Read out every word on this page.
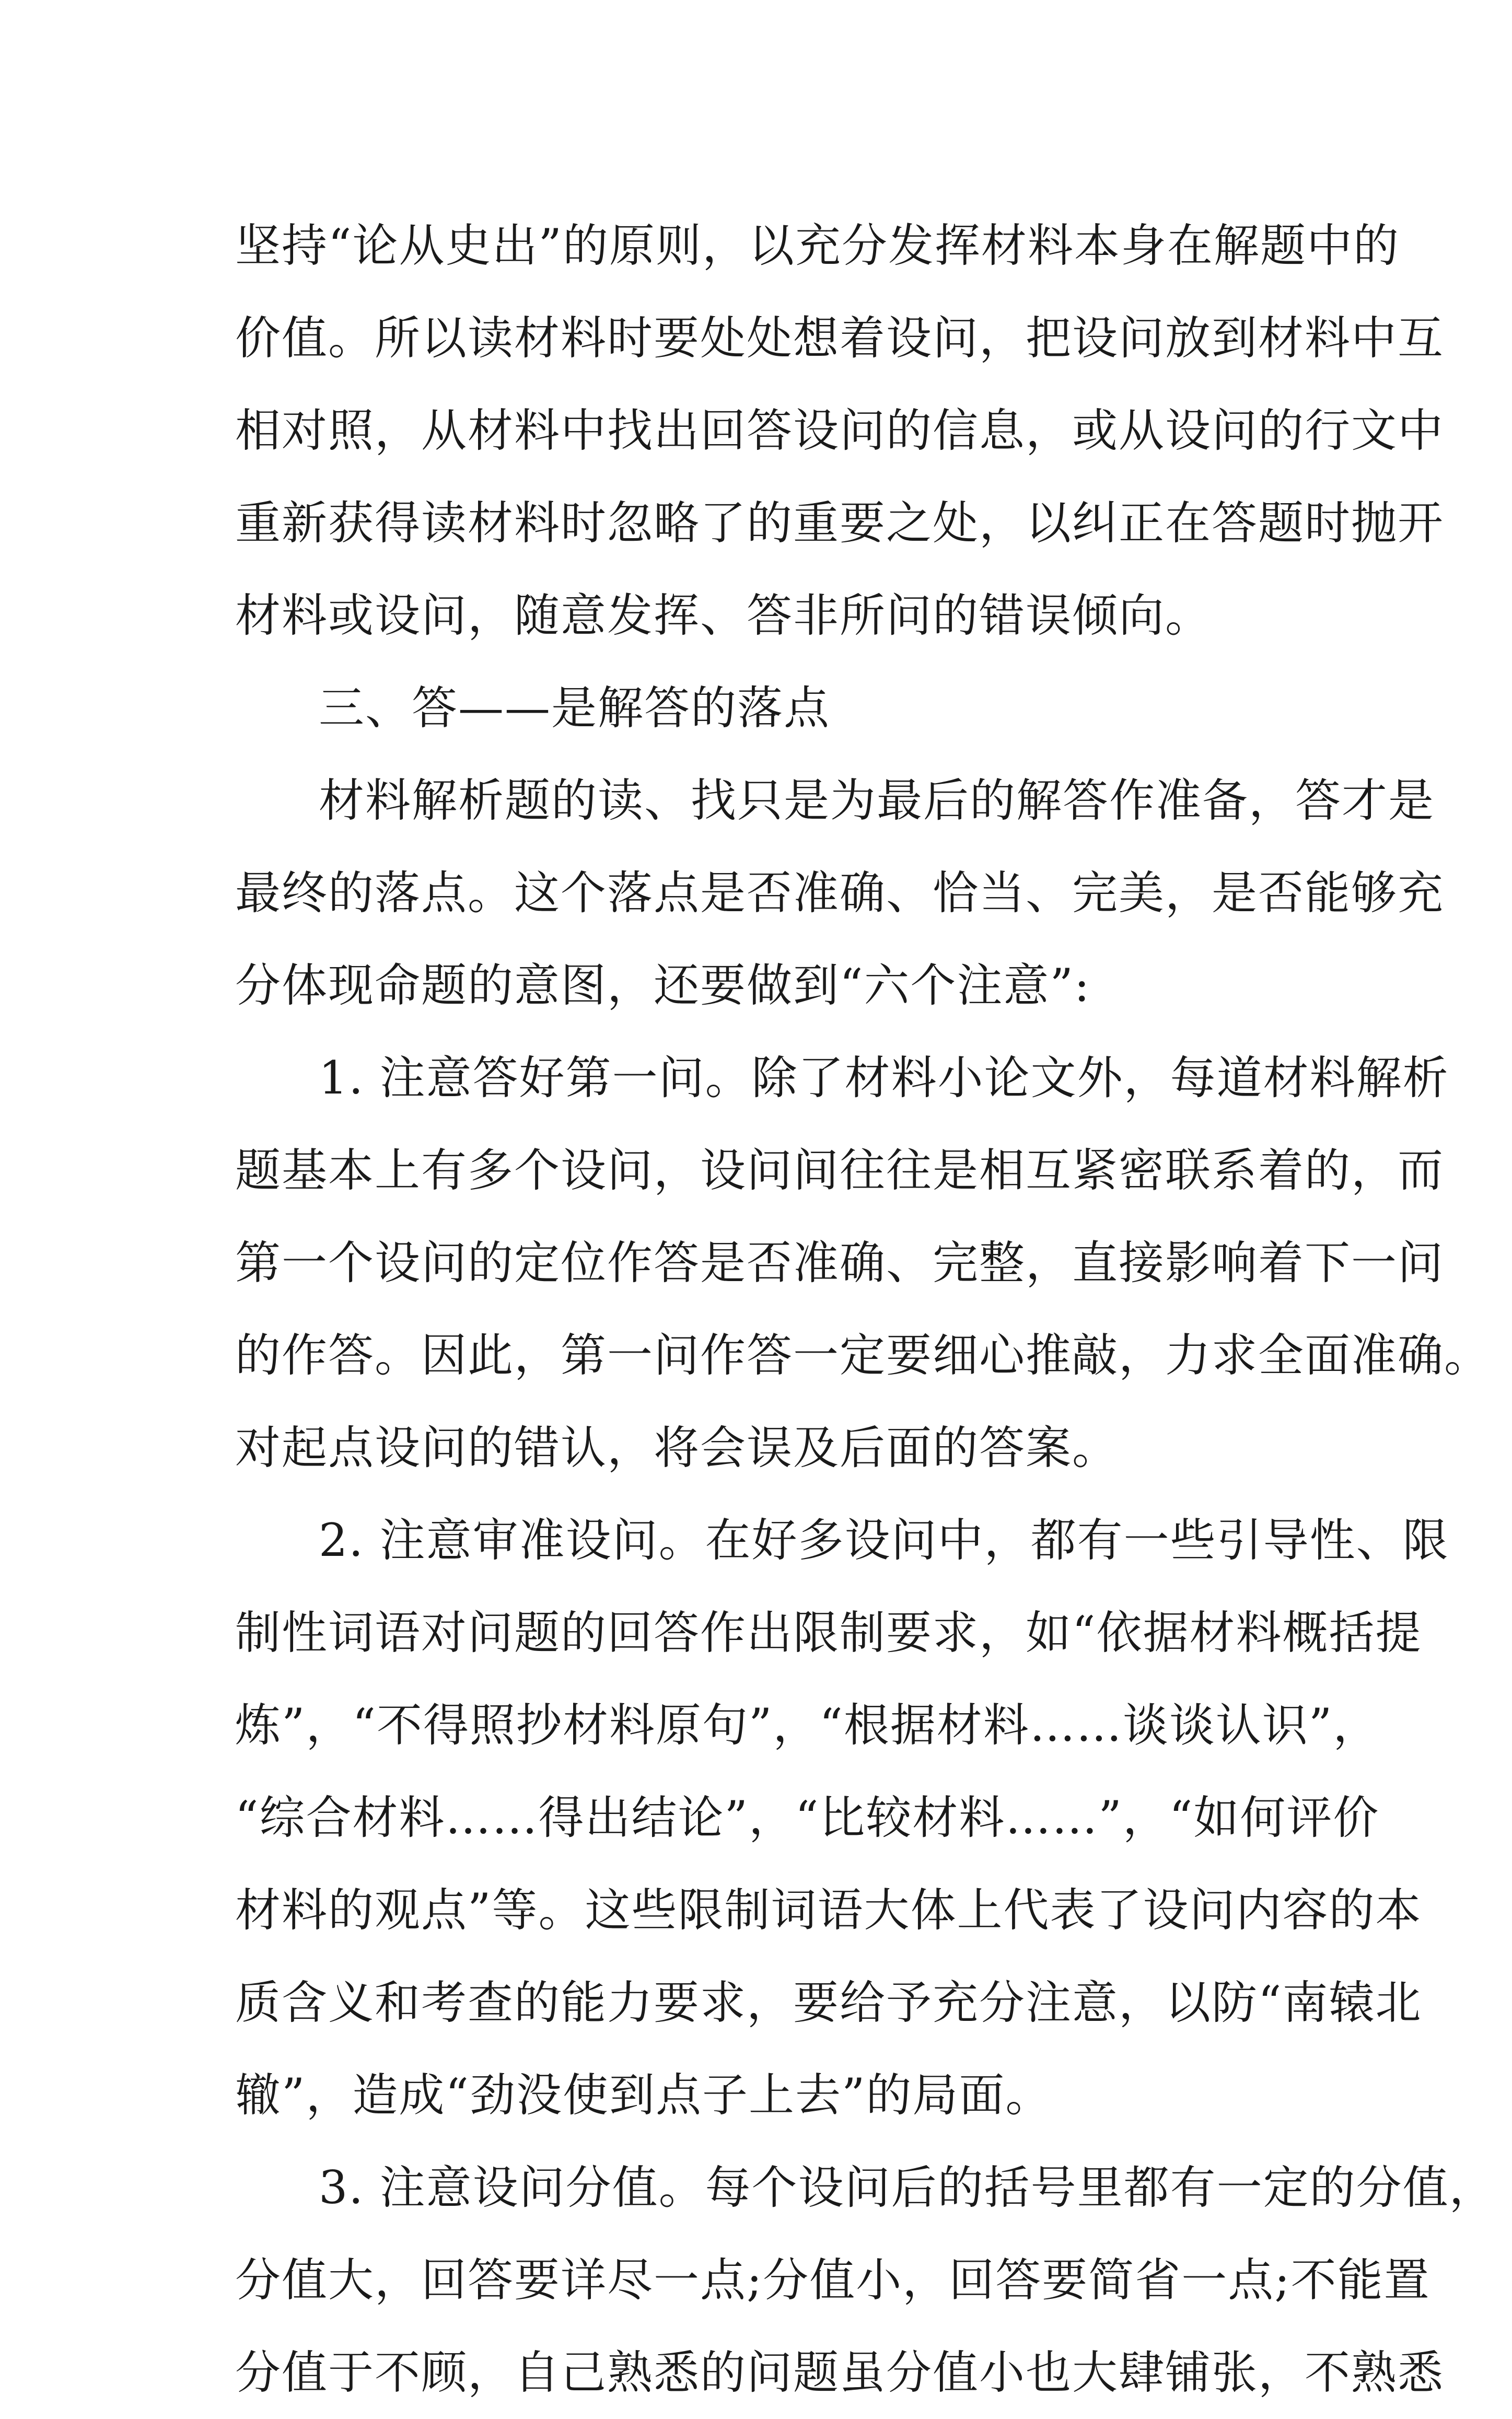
坚持“论从史出”的原则，以充分发挥材料本身在解题中的
价值。所以读材料时要处处想着设问，把设问放到材料中互
相对照，从材料中找出回答设问的信息，或从设问的行文中
重新获得读材料时忽略了的重要之处，以纠正在答题时抛开
材料或设问，随意发挥、答非所问的错误倾向。
三、答——是解答的落点
材料解析题的读、找只是为最后的解答作准备，答才是
最终的落点。这个落点是否准确、恰当、完美，是否能够充
分体现命题的意图，还要做到“六个注意”:
1. 注意答好第一问。除了材料小论文外，每道材料解析
题基本上有多个设问，设问间往往是相互紧密联系着的，而
第一个设问的定位作答是否准确、完整，直接影响着下一问
的作答。因此，第一问作答一定要细心推敲，力求全面准确。
对起点设问的错认，将会误及后面的答案。
2. 注意审准设问。在好多设问中，都有一些引导性、限
制性词语对问题的回答作出限制要求，如“依据材料概括提
炼”，“不得照抄材料原句”，“根据材料……谈谈认识”，
“综合材料……得出结论”，“比较材料……”，“如何评价
材料的观点”等。这些限制词语大体上代表了设问内容的本
质含义和考查的能力要求，要给予充分注意，以防“南辕北
辙”，造成“劲没使到点子上去”的局面。
3. 注意设问分值。每个设问后的括号里都有一定的分值，
分值大，回答要详尽一点;分值小，回答要简省一点;不能置
分值于不顾，自己熟悉的问题虽分值小也大肆铺张，不熟悉
